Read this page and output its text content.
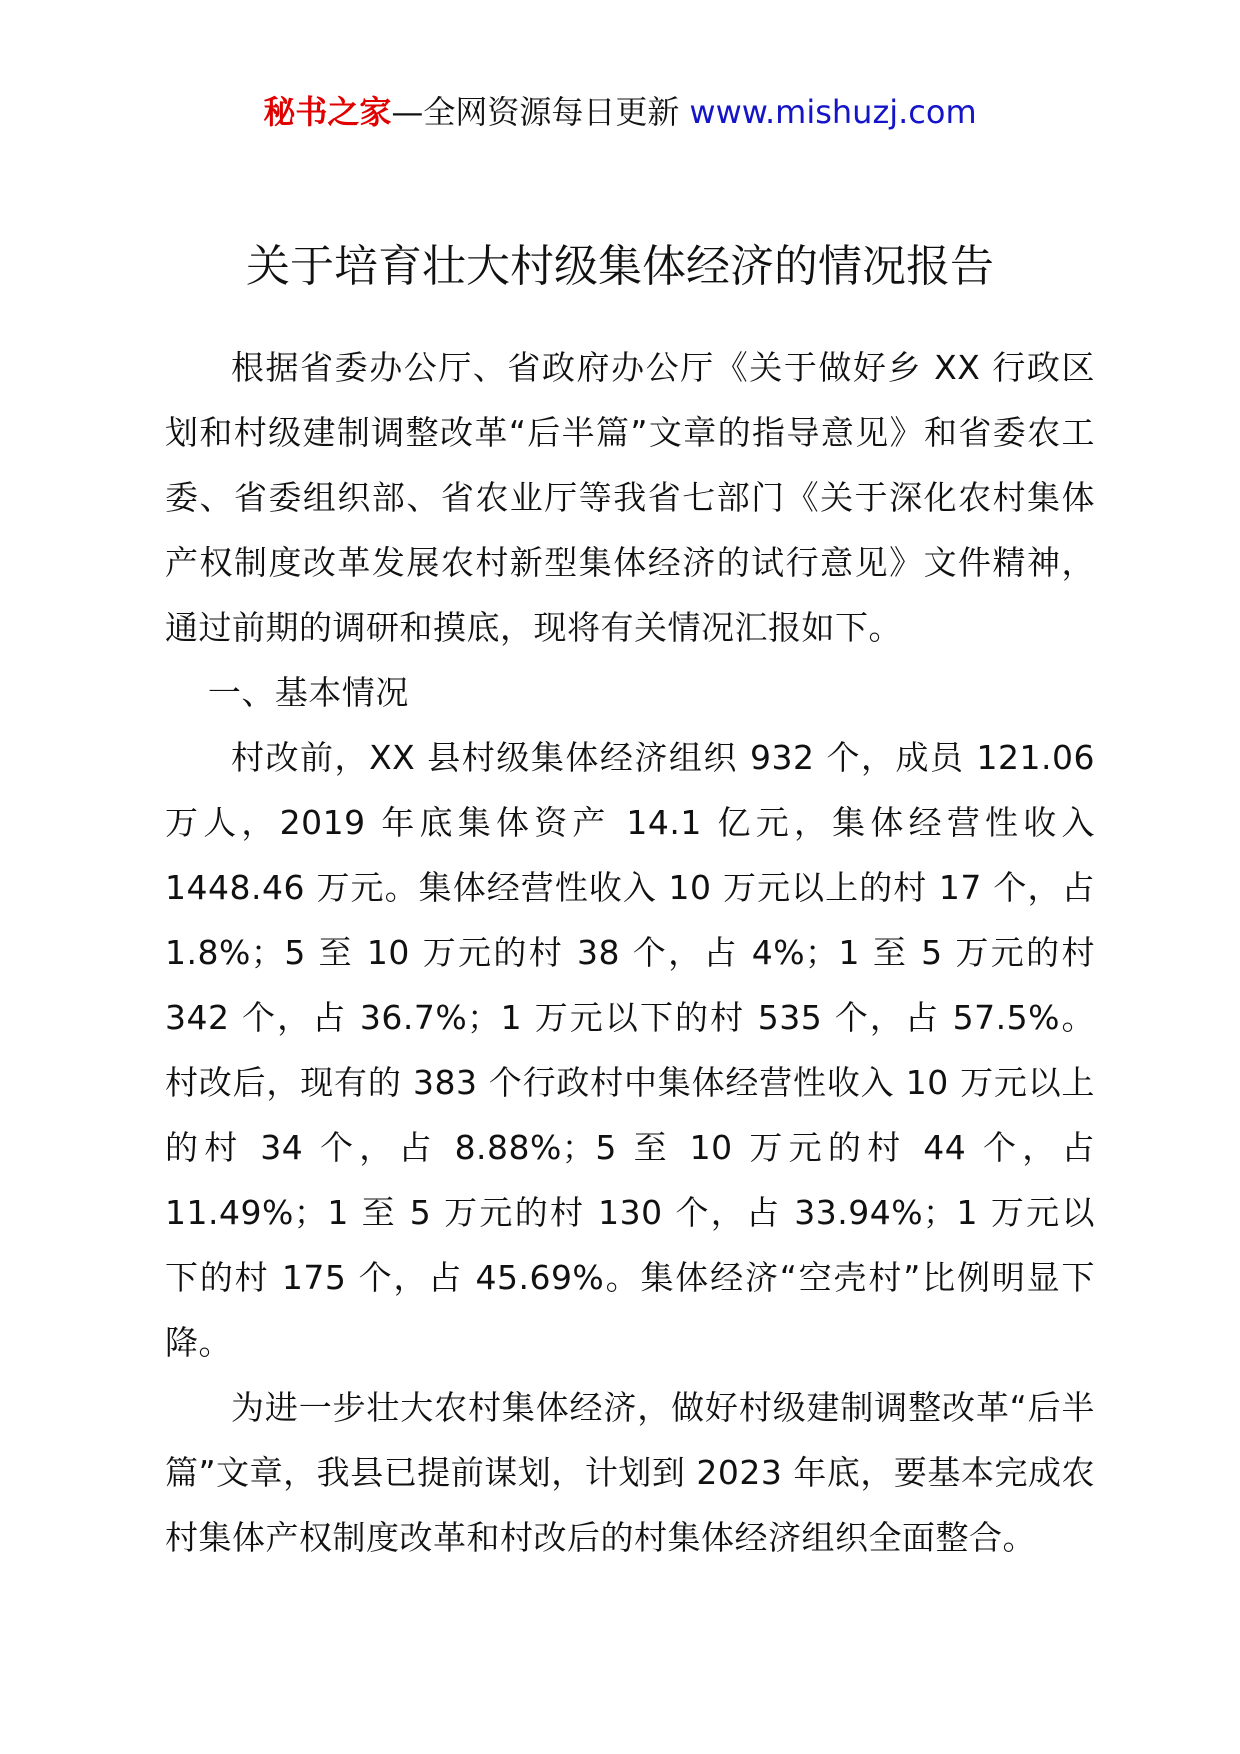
秘书之家—全网资源每日更新 www.mishuzj.com
关于培育壮大村级集体经济的情况报告

根据省委办公厅、省政府办公厅《关于做好乡 XX 行政区划和村级建制调整改革“后半篇”文章的指导意见》和省委农工委、省委组织部、省农业厅等我省七部门《关于深化农村集体产权制度改革发展农村新型集体经济的试行意见》文件精神，通过前期的调研和摸底，现将有关情况汇报如下。

一、基本情况

村改前，XX 县村级集体经济组织 932 个，成员 121.06 万人，2019 年底集体资产 14.1 亿元，集体经营性收入 1448.46 万元。集体经营性收入 10 万元以上的村 17 个，占 1.8%；5 至 10 万元的村 38 个，占 4%；1 至 5 万元的村 342 个，占 36.7%；1 万元以下的村 535 个，占 57.5%。村改后，现有的 383 个行政村中集体经营性收入 10 万元以上的村 34 个，占 8.88%；5 至 10 万元的村 44 个，占 11.49%；1 至 5 万元的村 130 个，占 33.94%；1 万元以下的村 175 个，占 45.69%。集体经济“空壳村”比例明显下降。

为进一步壮大农村集体经济，做好村级建制调整改革“后半篇”文章，我县已提前谋划，计划到 2023 年底，要基本完成农村集体产权制度改革和村改后的村集体经济组织全面整合。
